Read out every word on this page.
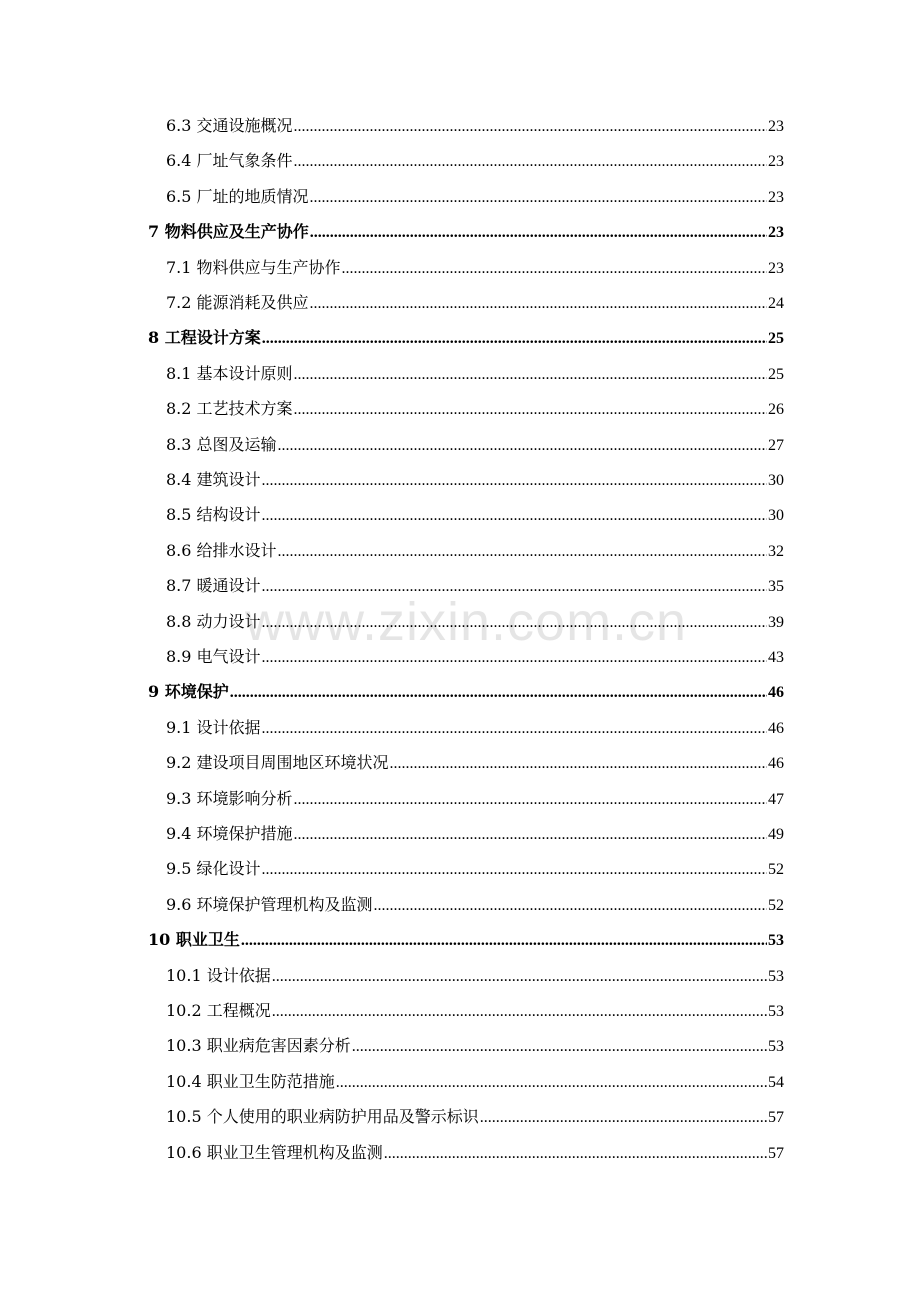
6.3 交通设施概况 .....	23
6.4 厂址气象条件 .....	23
6.5 厂址的地质情况 .....	23
7 物料供应及生产协作 .....	23
7.1 物料供应与生产协作 .....	23
7.2 能源消耗及供应 .....	24
8 工程设计方案 .....	25
8.1 基本设计原则 .....	25
8.2 工艺技术方案 .....	26
8.3 总图及运输 .....	27
8.4 建筑设计 .....	30
8.5 结构设计 .....	30
8.6 给排水设计 .....	32
8.7 暖通设计 .....	35
8.8 动力设计 .....	39
8.9 电气设计 .....	43
9 环境保护 .....	46
9.1 设计依据 .....	46
9.2 建设项目周围地区环境状况 .....	46
9.3 环境影响分析 .....	47
9.4 环境保护措施 .....	49
9.5 绿化设计 .....	52
9.6 环境保护管理机构及监测 .....	52
10 职业卫生 .....	53
10.1 设计依据 .....	53
10.2 工程概况 .....	53
10.3 职业病危害因素分析 .....	53
10.4 职业卫生防范措施 .....	54
10.5 个人使用的职业病防护用品及警示标识 .....	57
10.6 职业卫生管理机构及监测 .....	57
www.zixin.com.cn
